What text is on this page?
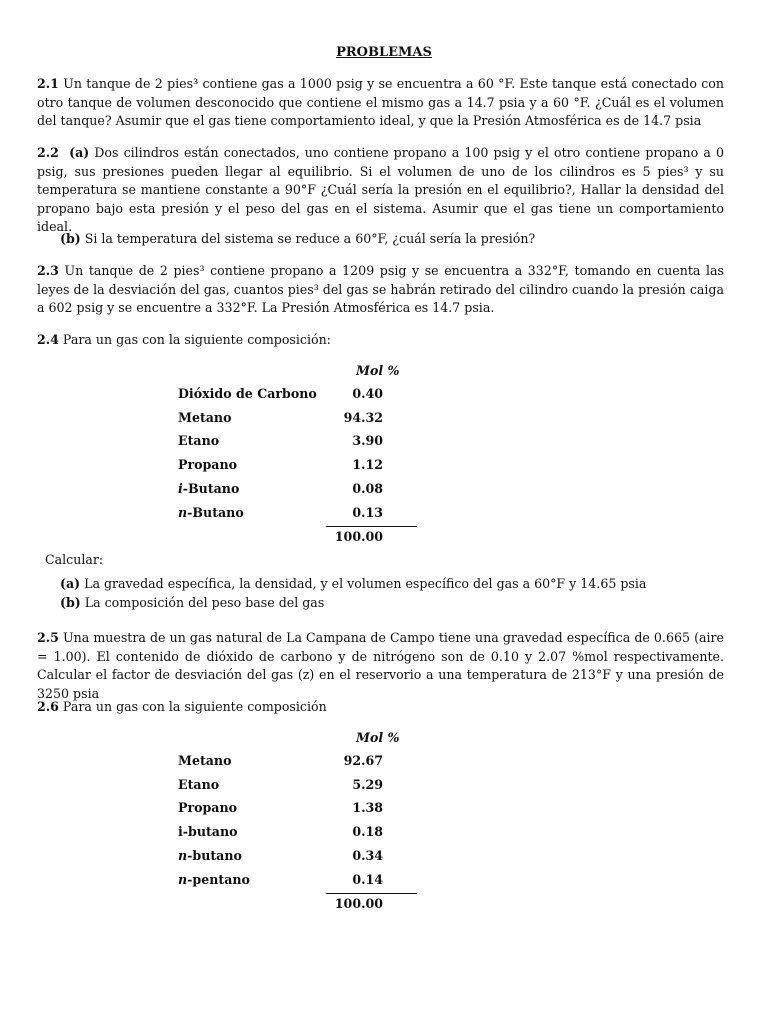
PROBLEMAS

2.1 Un tanque de 2 pies³ contiene gas a 1000 psig y se encuentra a 60 °F. Este tanque está conectado con otro tanque de volumen desconocido que contiene el mismo gas a 14.7 psia y a 60 °F. ¿Cuál es el volumen del tanque? Asumir que el gas tiene comportamiento ideal, y que la Presión Atmosférica es de 14.7 psia

2.2 (a) Dos cilindros están conectados, uno contiene propano a 100 psig y el otro contiene propano a 0 psig, sus presiones pueden llegar al equilibrio. Si el volumen de uno de los cilindros es 5 pies³ y su temperatura se mantiene constante a 90°F ¿Cuál sería la presión en el equilibrio?, Hallar la densidad del propano bajo esta presión y el peso del gas en el sistema. Asumir que el gas tiene un comportamiento ideal.

(b) Si la temperatura del sistema se reduce a 60°F, ¿cuál sería la presión?

2.3 Un tanque de 2 pies³ contiene propano a 1209 psig y se encuentra a 332°F, tomando en cuenta las leyes de la desviación del gas, cuantos pies³ del gas se habrán retirado del cilindro cuando la presión caiga a 602 psig y se encuentre a 332°F. La Presión Atmosférica es 14.7 psia.

2.4 Para un gas con la siguiente composición:

Mol %
Dióxido de Carbono	0.40
Metano	94.32
Etano	3.90
Propano	1.12
i-Butano	0.08
n-Butano	0.13
100.00

Calcular:

(a) La gravedad específica, la densidad, y el volumen específico del gas a 60°F y 14.65 psia

(b) La composición del peso base del gas

2.5 Una muestra de un gas natural de La Campana de Campo tiene una gravedad específica de 0.665 (aire = 1.00). El contenido de dióxido de carbono y de nitrógeno son de 0.10 y 2.07 %mol respectivamente. Calcular el factor de desviación del gas (z) en el reservorio a una temperatura de 213°F y una presión de 3250 psia

2.6 Para un gas con la siguiente composición

Mol %
Metano	92.67
Etano	5.29
Propano	1.38
i-butano	0.18
n-butano	0.34
n-pentano	0.14
100.00
